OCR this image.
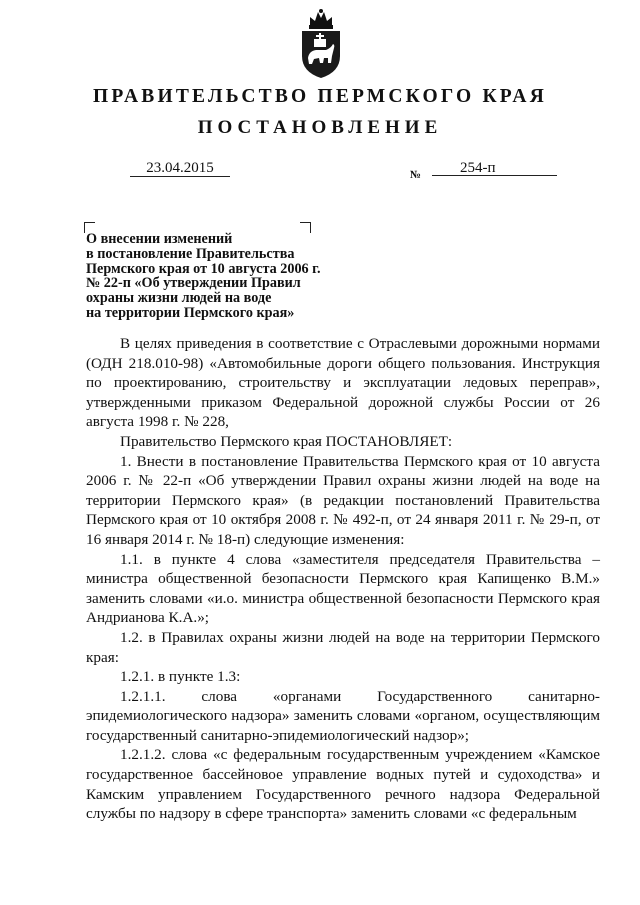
ПРАВИТЕЛЬСТВО ПЕРМСКОГО КРАЯ
ПОСТАНОВЛЕНИЕ
23.04.2015	№	254-п
О внесении изменений
в постановление Правительства
Пермского края от 10 августа 2006 г.
№ 22-п «Об утверждении Правил
охраны жизни людей на воде
на территории Пермского края»

В целях приведения в соответствие с Отраслевыми дорожными нормами (ОДН 218.010-98) «Автомобильные дороги общего пользования. Инструкция по проектированию, строительству и эксплуатации ледовых переправ», утвержденными приказом Федеральной дорожной службы России от 26 августа 1998 г. № 228,

Правительство Пермского края ПОСТАНОВЛЯЕТ:

1. Внести в постановление Правительства Пермского края от 10 августа 2006 г. № 22-п «Об утверждении Правил охраны жизни людей на воде на территории Пермского края» (в редакции постановлений Правительства Пермского края от 10 октября 2008 г. № 492-п, от 24 января 2011 г. № 29-п, от 16 января 2014 г. № 18-п) следующие изменения:

1.1. в пункте 4 слова «заместителя председателя Правительства – министра общественной безопасности Пермского края Капищенко В.М.» заменить словами «и.о. министра общественной безопасности Пермского края Андрианова К.А.»;

1.2. в Правилах охраны жизни людей на воде на территории Пермского края:

1.2.1. в пункте 1.3:

1.2.1.1. слова «органами Государственного санитарно-эпидемиологического надзора» заменить словами «органом, осуществляющим государственный санитарно-эпидемиологический надзор»;

1.2.1.2. слова «с федеральным государственным учреждением «Камское государственное бассейновое управление водных путей и судоходства» и Камским управлением Государственного речного надзора Федеральной службы по надзору в сфере транспорта» заменить словами «с федеральным
